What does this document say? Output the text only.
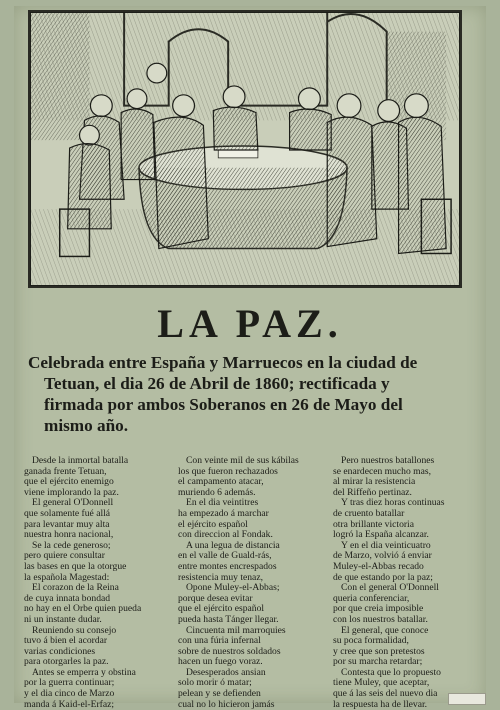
LA PAZ.
Celebrada entre España y Marruecos en la ciudad de
Tetuan, el dia 26 de Abril de 1860; rectificada y
firmada por ambos Soberanos en 26 de Mayo del
mismo año.
Desde la inmortal batalla
ganada frente Tetuan,
que el ejército enemigo
viene implorando la paz.
El general O'Donnell
que solamente fué allá
para levantar muy alta
nuestra honra nacional,
Se la cede generoso;
pero quiere consultar
las bases en que la otorgue
la española Magestad:
El corazon de la Reina
de cuya innata bondad
no hay en el Orbe quien pueda
ni un instante dudar.
Reuniendo su consejo
tuvo á bien el acordar
varias condiciones
para otorgarles la paz.
Antes se emperra y obstina
por la guerra continuar;
y el dia cinco de Marzo
manda á Kaid-el-Erfaz;
Con veinte mil de sus kábilas
los que fueron rechazados
el campamento atacar,
muriendo 6 además.
En el dia veintitres
ha empezado á marchar
el ejército español
con direccion al Fondak.
A una legua de distancia
en el valle de Guald-rás,
entre montes encrespados
resistencia muy tenaz,
Opone Muley-el-Abbas;
porque desea evitar
que el ejército español
pueda hasta Tánger llegar.
Cincuenta mil marroquies
con una fúria infernal
sobre de nuestros soldados
hacen un fuego voraz.
Desesperados ansian
solo morir ó matar;
pelean y se defienden
cual no lo hicieron jamás
Pero nuestros batallones
se enardecen mucho mas,
al mirar la resistencia
del Riffeño pertinaz.
Y tras diez horas continuas
de cruento batallar
otra brillante victoria
logró la España alcanzar.
Y en el dia veinticuatro
de Marzo, volvió á enviar
Muley-el-Abbas recado
de que estando por la paz;
Con el general O'Donnell
queria conferenciar,
por que creia imposible
con los nuestros batallar.
El general, que conoce
su poca formalidad,
y cree que son pretestos
por su marcha retardar;
Contesta que lo propuesto
tiene Muley, que aceptar,
que á las seis del nuevo dia
la respuesta ha de llevar.
